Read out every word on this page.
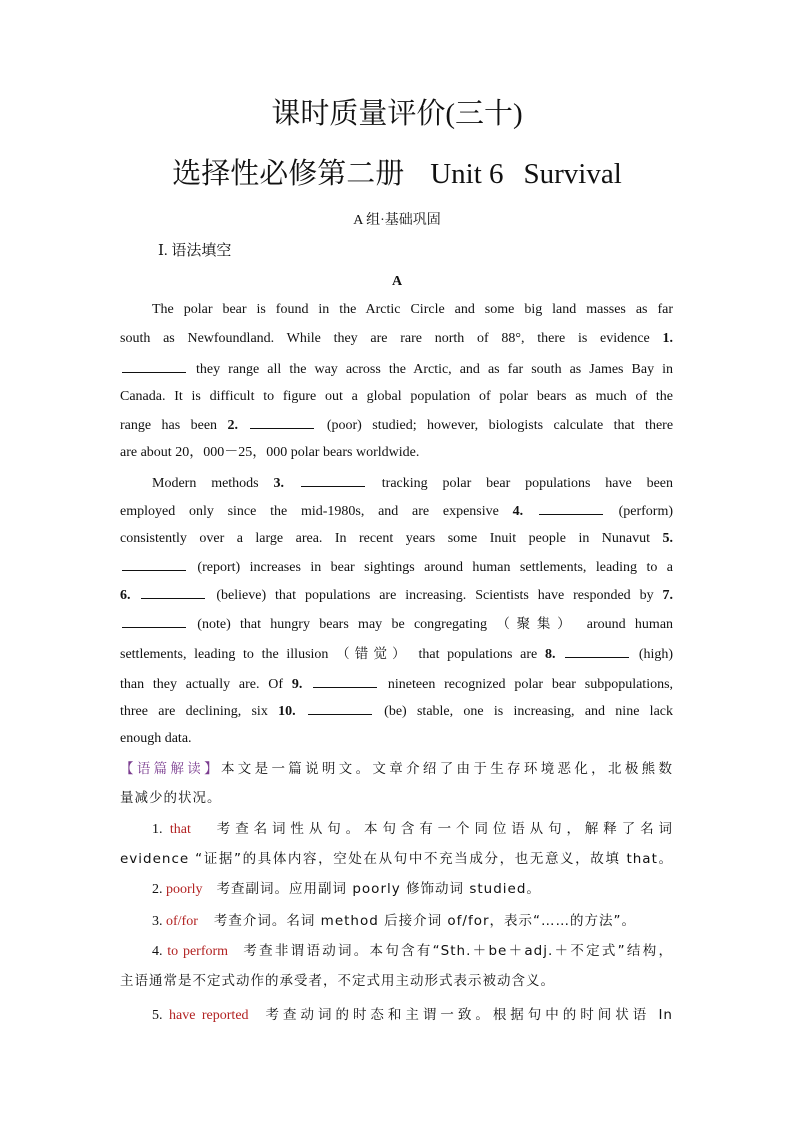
课时质量评价(三十)
选择性必修第二册 Unit 6 Survival
A 组·基础巩固
Ⅰ. 语法填空
A
The polar bear is found in the Arctic Circle and some big land masses as far
south as Newfoundland. While they are rare north of 88°, there is evidence 1.
they range all the way across the Arctic, and as far south as James Bay in
Canada. It is difficult to figure out a global population of polar bears as much of the
range has been 2.	(poor) studied; however, biologists calculate that there
are about 20，000－25，000 polar bears worldwide.
Modern methods 3.	tracking polar bear populations have been
employed only since the mid-1980s, and are expensive 4.	(perform)
consistently over a large area. In recent years some Inuit people in Nunavut 5.
(report) increases in bear sightings around human settlements, leading to a
6.	(believe) that populations are increasing. Scientists have responded by 7.
(note) that hungry bears may be congregating （聚集） around human
settlements, leading to the illusion （错觉） that populations are 8.	(high)
than they actually are. Of 9.	nineteen recognized polar bear subpopulations,
three are declining, six 10.	(be) stable, one is increasing, and nine lack
enough data.
【语篇解读】本文是一篇说明文。文章介绍了由于生存环境恶化，北极熊数
量减少的状况。
1. that 考查名词性从句。本句含有一个同位语从句，解释了名词
evidence “证据”的具体内容，空处在从句中不充当成分，也无意义，故填 that。
2. poorly 考查副词。应用副词 poorly 修饰动词 studied。
3. of/for 考查介词。名词 method 后接介词 of/for，表示“……的方法”。
4. to perform 考查非谓语动词。本句含有“Sth.＋be＋adj.＋不定式”结构，
主语通常是不定式动作的承受者，不定式用主动形式表示被动含义。
5. have reported 考查动词的时态和主谓一致。根据句中的时间状语 In
